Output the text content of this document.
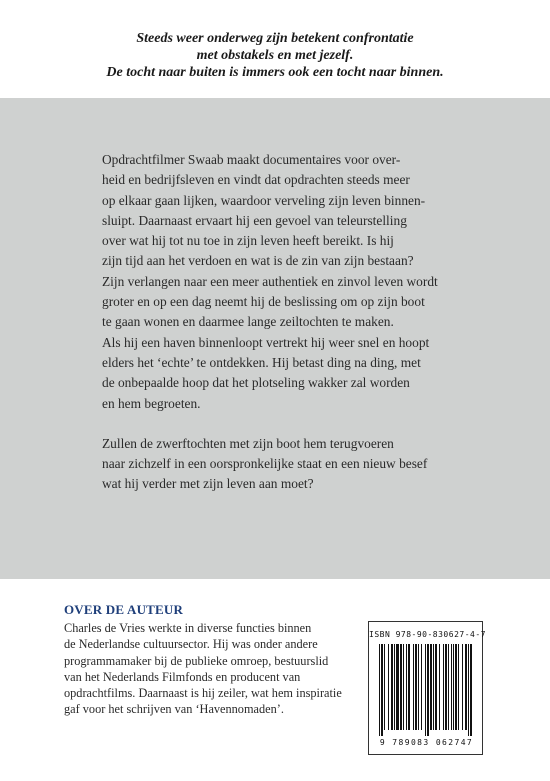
Steeds weer onderweg zijn betekent confrontatie
met obstakels en met jezelf.
De tocht naar buiten is immers ook een tocht naar binnen.
Opdrachtfilmer Swaab maakt documentaires voor over-
heid en bedrijfsleven en vindt dat opdrachten steeds meer
op elkaar gaan lijken, waardoor verveling zijn leven binnen-
sluipt. Daarnaast ervaart hij een gevoel van teleurstelling
over wat hij tot nu toe in zijn leven heeft bereikt. Is hij
zijn tijd aan het verdoen en wat is de zin van zijn bestaan?
Zijn verlangen naar een meer authentiek en zinvol leven wordt
groter en op een dag neemt hij de beslissing om op zijn boot
te gaan wonen en daarmee lange zeiltochten te maken.
Als hij een haven binnenloopt vertrekt hij weer snel en hoopt
elders het ‘echte’ te ontdekken. Hij betast ding na ding, met
de onbepaalde hoop dat het plotseling wakker zal worden
en hem begroeten.
Zullen de zwerftochten met zijn boot hem terugvoeren
naar zichzelf in een oorspronkelijke staat en een nieuw besef
wat hij verder met zijn leven aan moet?
OVER DE AUTEUR
Charles de Vries werkte in diverse functies binnen
de Nederlandse cultuursector. Hij was onder andere
programmamaker bij de publieke omroep, bestuurslid
van het Nederlands Filmfonds en producent van
opdrachtfilms. Daarnaast is hij zeiler, wat hem inspiratie
gaf voor het schrijven van ‘Havennomaden’.
ISBN 978-90-830627-4-7
9 789083 062747
